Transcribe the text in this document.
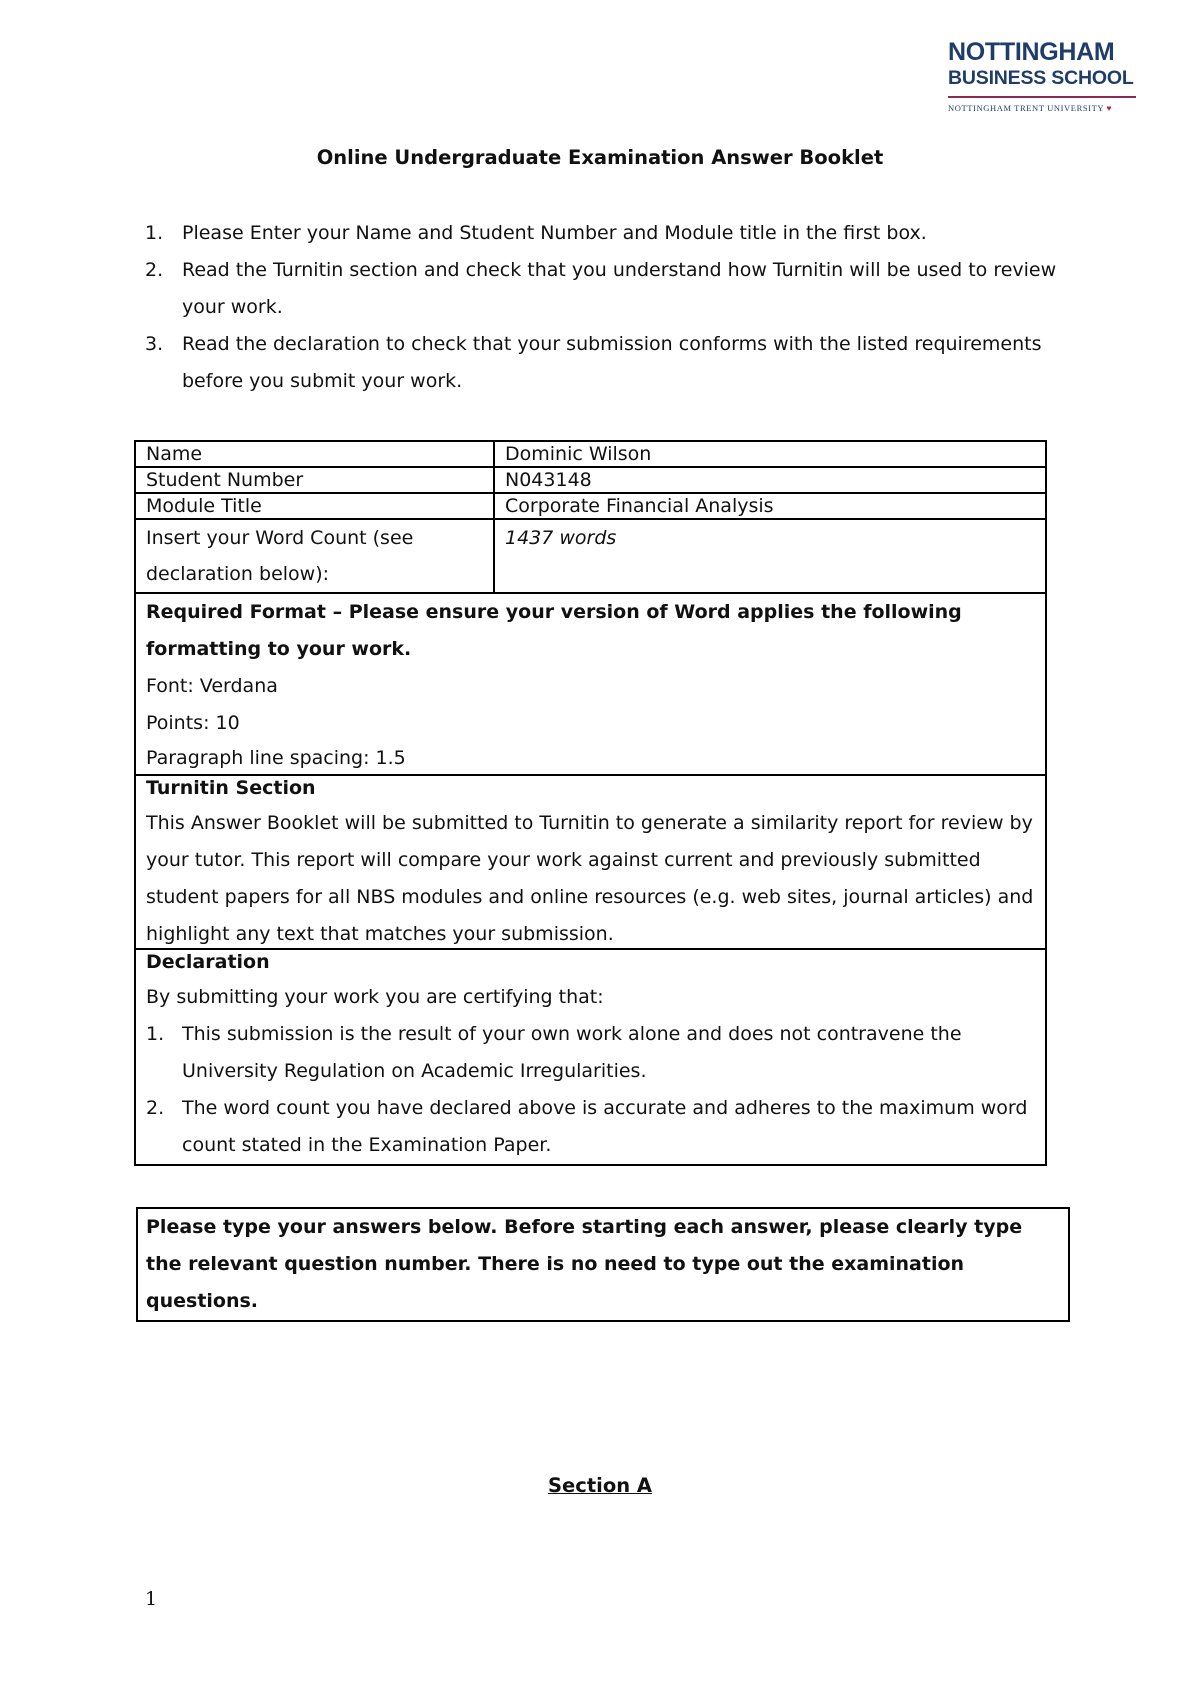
NOTTINGHAM
BUSINESS SCHOOL
NOTTINGHAM TRENT UNIVERSITY ♥
Online Undergraduate Examination Answer Booklet
1. Please Enter your Name and Student Number and Module title in the first box.
2. Read the Turnitin section and check that you understand how Turnitin will be used to review your work.
3. Read the declaration to check that your submission conforms with the listed requirements before you submit your work.
Name	Dominic Wilson
Student Number	N043148
Module Title	Corporate Financial Analysis
Insert your Word Count (see declaration below):
1437 words
Required Format – Please ensure your version of Word applies the following formatting to your work.
Font: Verdana
Points: 10
Paragraph line spacing: 1.5
Turnitin Section
This Answer Booklet will be submitted to Turnitin to generate a similarity report for review by your tutor. This report will compare your work against current and previously submitted student papers for all NBS modules and online resources (e.g. web sites, journal articles) and highlight any text that matches your submission.
Declaration
By submitting your work you are certifying that:
1. This submission is the result of your own work alone and does not contravene the University Regulation on Academic Irregularities.
2. The word count you have declared above is accurate and adheres to the maximum word count stated in the Examination Paper.
Please type your answers below. Before starting each answer, please clearly type the relevant question number. There is no need to type out the examination questions.
Section A
1
